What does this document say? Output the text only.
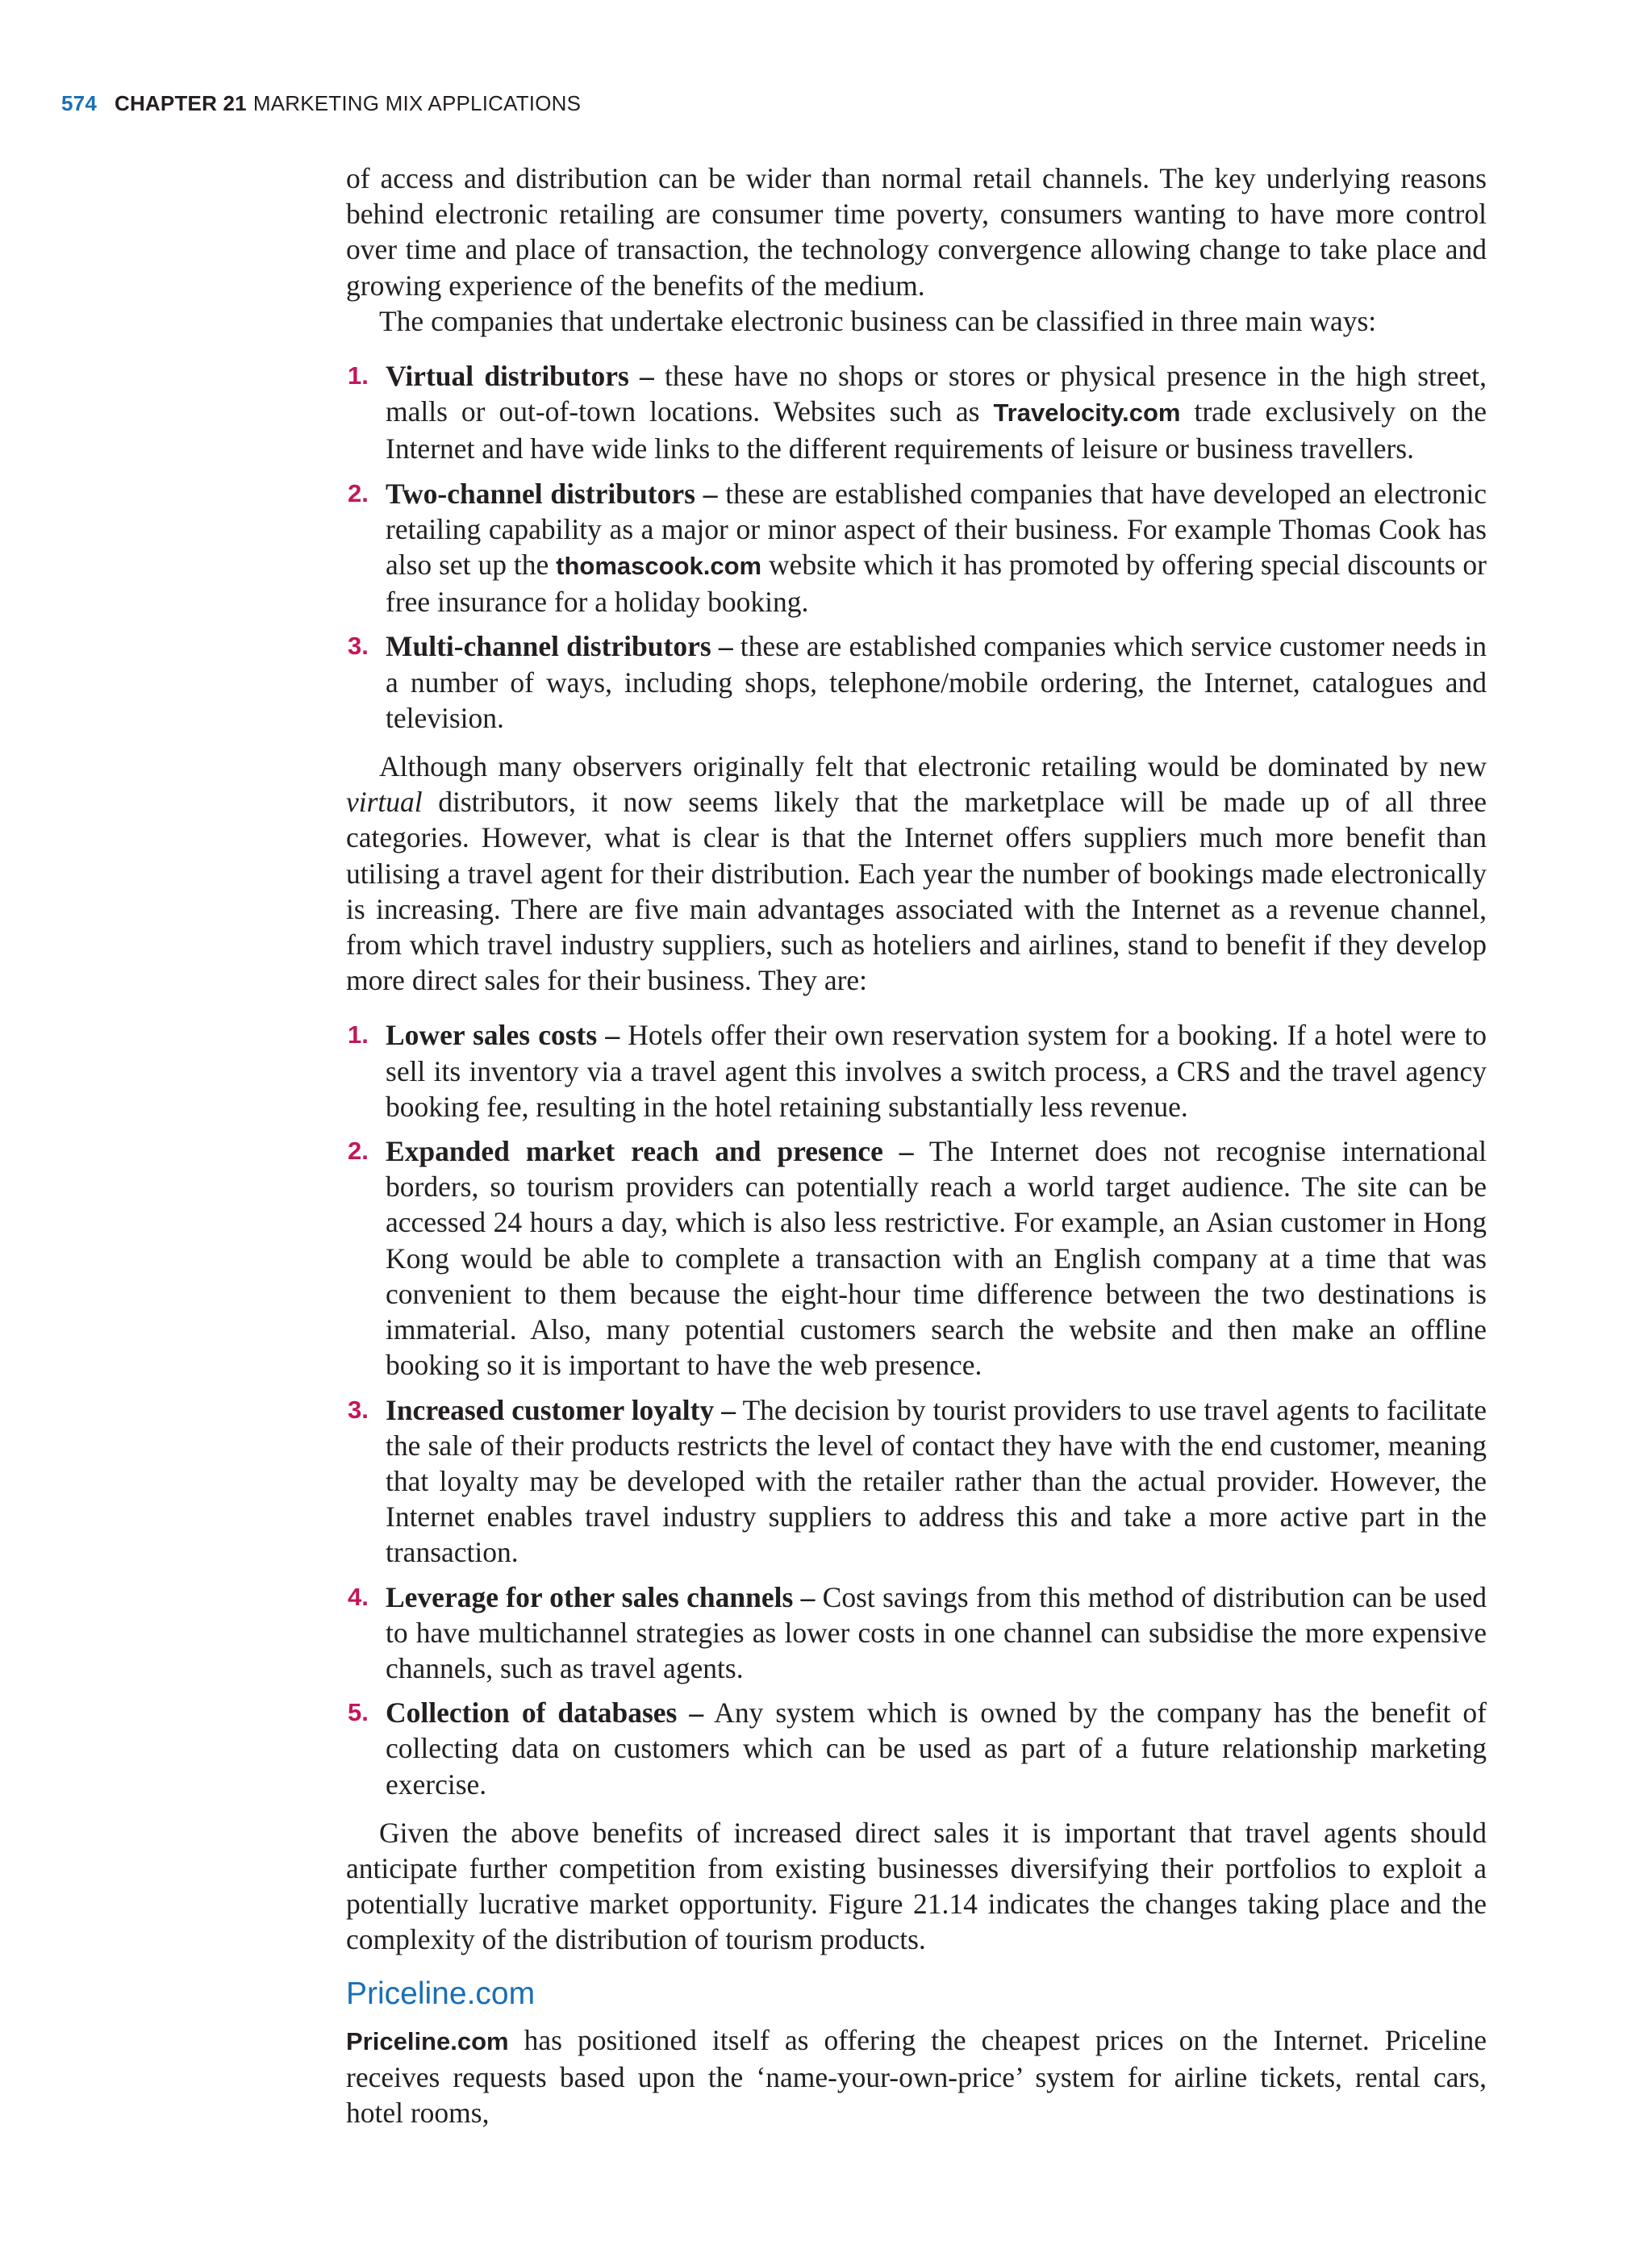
574 CHAPTER 21 MARKETING MIX APPLICATIONS

of access and distribution can be wider than normal retail channels. The key underlying reasons behind electronic retailing are consumer time poverty, consumers wanting to have more control over time and place of transaction, the technology convergence allowing change to take place and growing experience of the benefits of the medium.

The companies that undertake electronic business can be classified in three main ways:

1. Virtual distributors – these have no shops or stores or physical presence in the high street, malls or out-of-town locations. Websites such as Travelocity.com trade exclusively on the Internet and have wide links to the different requirements of leisure or business travellers.
2. Two-channel distributors – these are established companies that have developed an electronic retailing capability as a major or minor aspect of their business. For example Thomas Cook has also set up the thomascook.com website which it has promoted by offering special discounts or free insurance for a holiday booking.
3. Multi-channel distributors – these are established companies which service customer needs in a number of ways, including shops, telephone/mobile ordering, the Internet, catalogues and television.

Although many observers originally felt that electronic retailing would be dominated by new virtual distributors, it now seems likely that the marketplace will be made up of all three categories. However, what is clear is that the Internet offers suppliers much more benefit than utilising a travel agent for their distribution. Each year the number of bookings made electronically is increasing. There are five main advantages associated with the Internet as a revenue channel, from which travel industry suppliers, such as hoteliers and airlines, stand to benefit if they develop more direct sales for their business. They are:

1. Lower sales costs – Hotels offer their own reservation system for a booking. If a hotel were to sell its inventory via a travel agent this involves a switch process, a CRS and the travel agency booking fee, resulting in the hotel retaining substantially less revenue.
2. Expanded market reach and presence – The Internet does not recognise international borders, so tourism providers can potentially reach a world target audience. The site can be accessed 24 hours a day, which is also less restrictive. For example, an Asian customer in Hong Kong would be able to complete a transaction with an English company at a time that was convenient to them because the eight-hour time difference between the two destinations is immaterial. Also, many potential customers search the website and then make an offline booking so it is important to have the web presence.
3. Increased customer loyalty – The decision by tourist providers to use travel agents to facilitate the sale of their products restricts the level of contact they have with the end customer, meaning that loyalty may be developed with the retailer rather than the actual provider. However, the Internet enables travel industry suppliers to address this and take a more active part in the transaction.
4. Leverage for other sales channels – Cost savings from this method of distribution can be used to have multichannel strategies as lower costs in one channel can subsidise the more expensive channels, such as travel agents.
5. Collection of databases – Any system which is owned by the company has the benefit of collecting data on customers which can be used as part of a future relationship marketing exercise.

Given the above benefits of increased direct sales it is important that travel agents should anticipate further competition from existing businesses diversifying their portfolios to exploit a potentially lucrative market opportunity. Figure 21.14 indicates the changes taking place and the complexity of the distribution of tourism products.

Priceline.com

Priceline.com has positioned itself as offering the cheapest prices on the Internet. Priceline receives requests based upon the ‘name-your-own-price’ system for airline tickets, rental cars, hotel rooms,
